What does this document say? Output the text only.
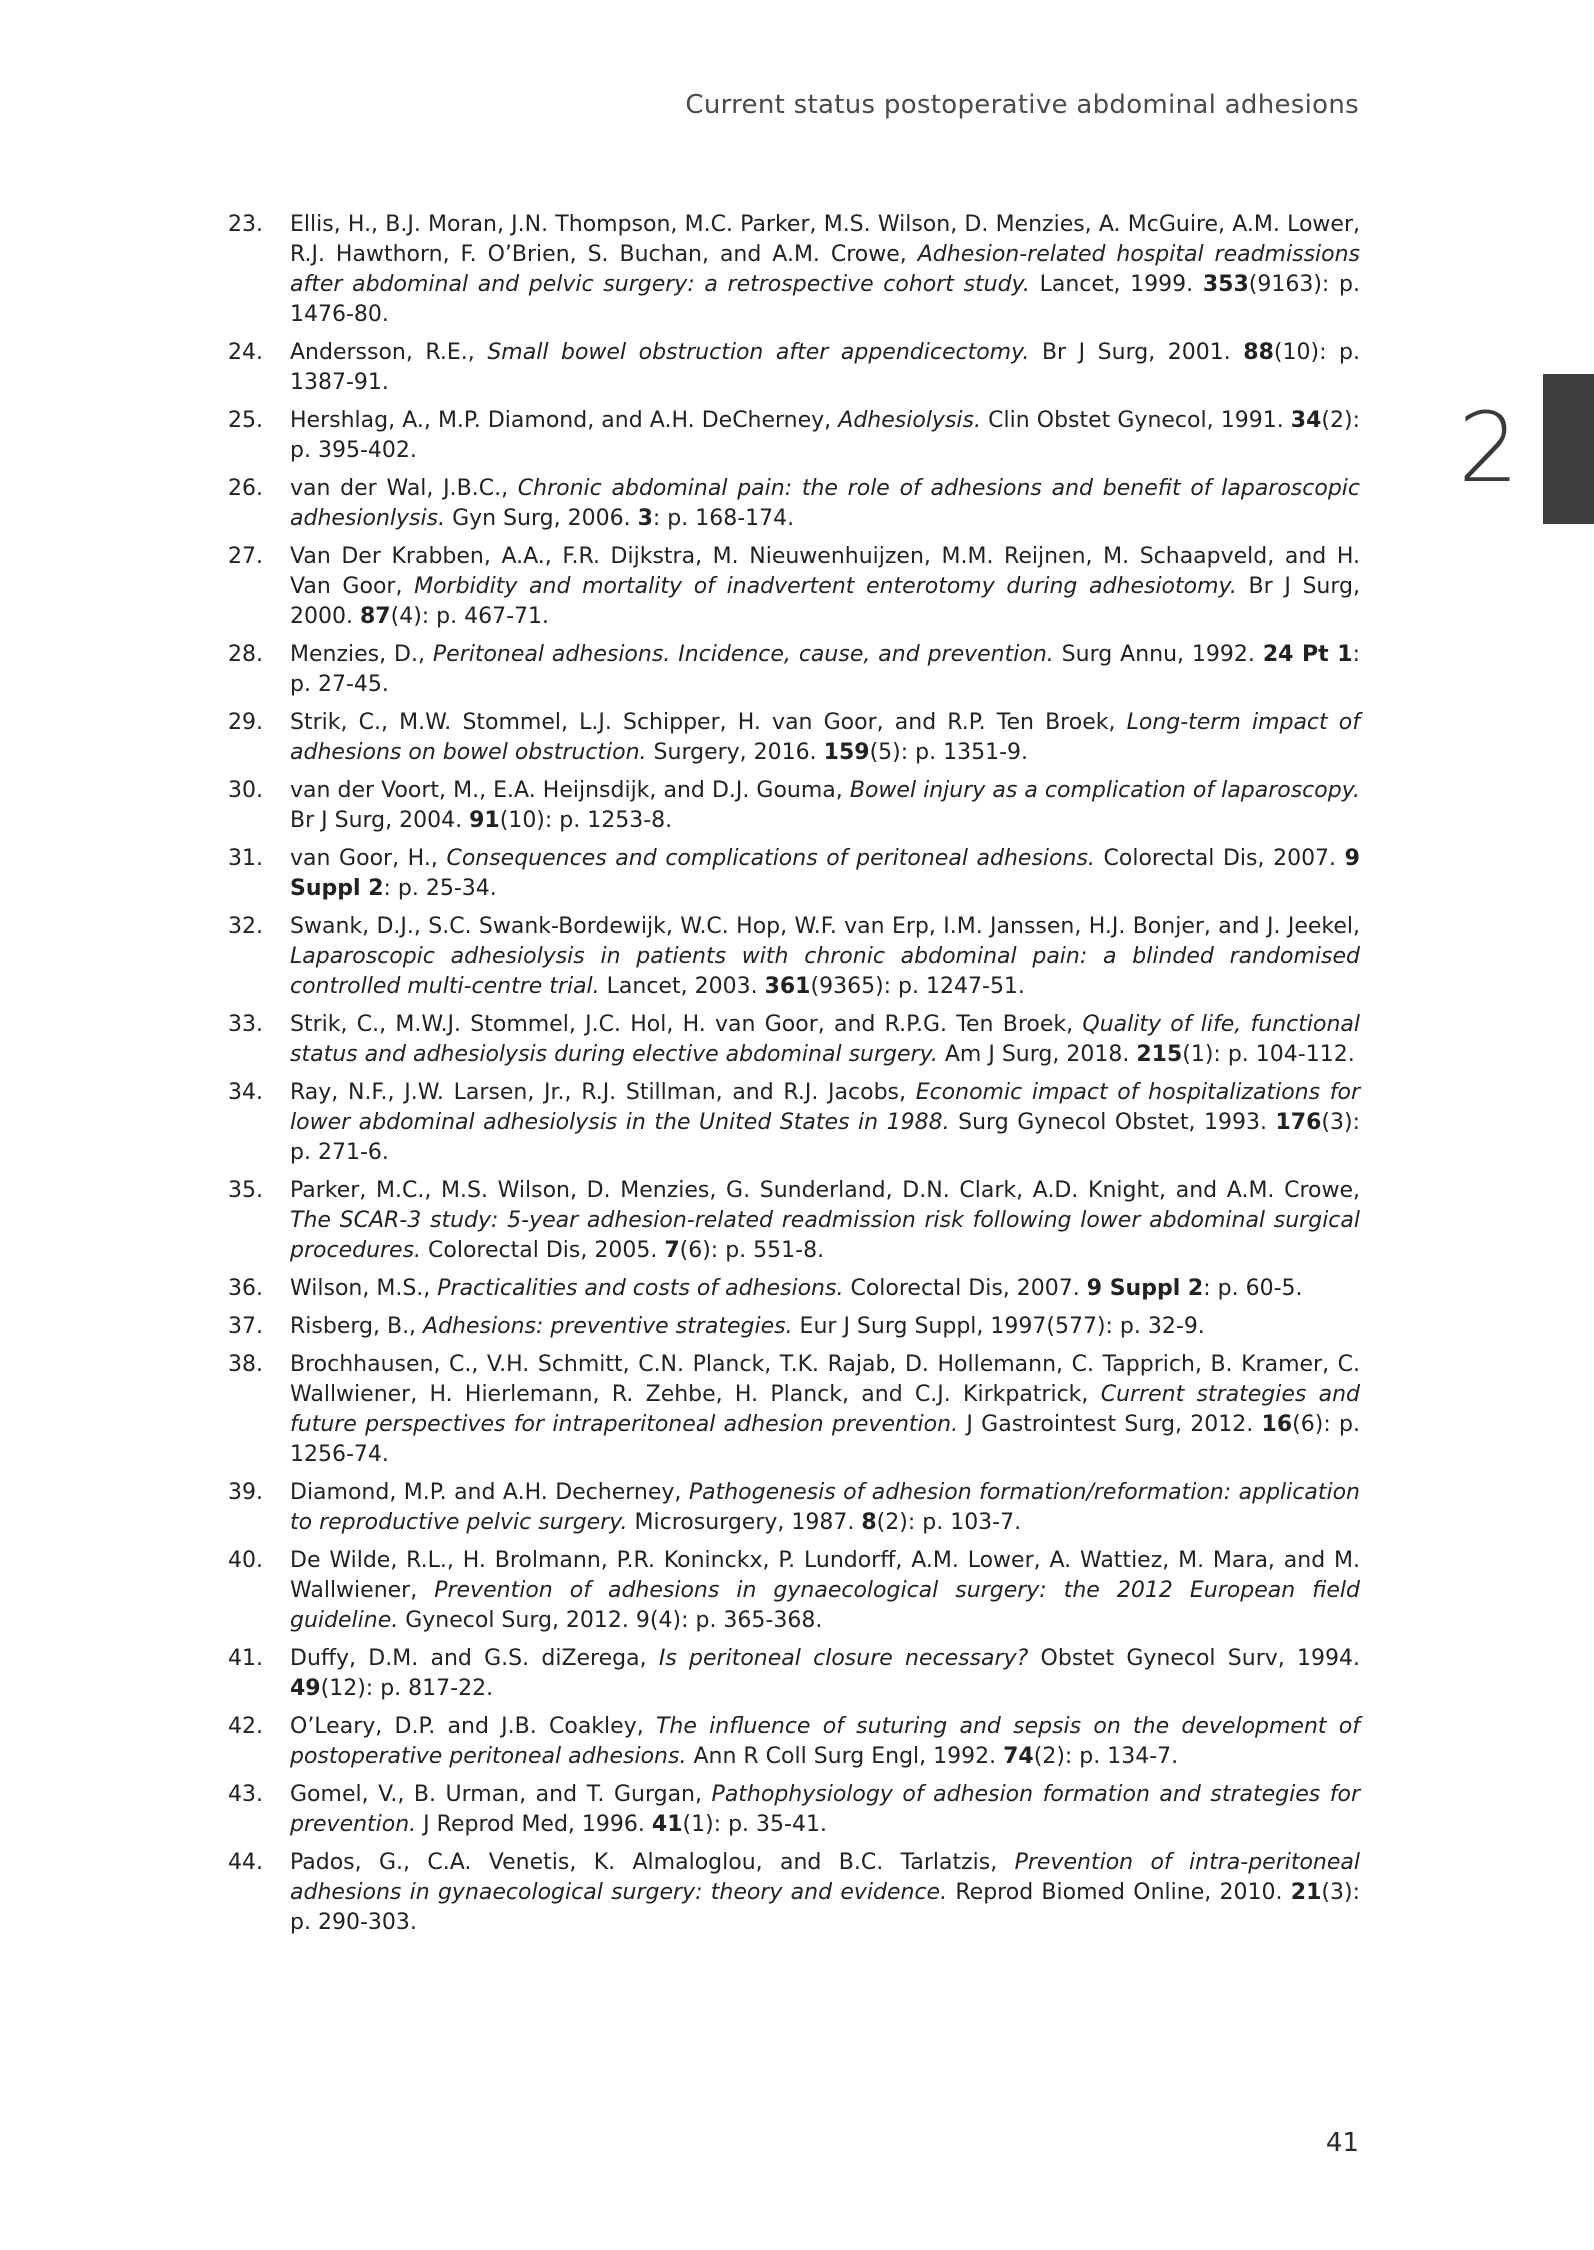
Current status postoperative abdominal adhesions
2
23.	Ellis, H., B.J. Moran, J.N. Thompson, M.C. Parker, M.S. Wilson, D. Menzies, A. McGuire, A.M. Lower, R.J. Hawthorn, F. O’Brien, S. Buchan, and A.M. Crowe, Adhesion-related hospital readmissions after abdominal and pelvic surgery: a retrospective cohort study. Lancet, 1999. 353(9163): p. 1476-80.
24.	Andersson, R.E., Small bowel obstruction after appendicectomy. Br J Surg, 2001. 88(10): p. 1387-91.
25.	Hershlag, A., M.P. Diamond, and A.H. DeCherney, Adhesiolysis. Clin Obstet Gynecol, 1991. 34(2): p. 395-402.
26.	van der Wal, J.B.C., Chronic abdominal pain: the role of adhesions and benefit of laparoscopic adhesionlysis. Gyn Surg, 2006. 3: p. 168-174.
27.	Van Der Krabben, A.A., F.R. Dijkstra, M. Nieuwenhuijzen, M.M. Reijnen, M. Schaapveld, and H. Van Goor, Morbidity and mortality of inadvertent enterotomy during adhesiotomy. Br J Surg, 2000. 87(4): p. 467-71.
28.	Menzies, D., Peritoneal adhesions. Incidence, cause, and prevention. Surg Annu, 1992. 24 Pt 1: p. 27-45.
29.	Strik, C., M.W. Stommel, L.J. Schipper, H. van Goor, and R.P. Ten Broek, Long-term impact of adhesions on bowel obstruction. Surgery, 2016. 159(5): p. 1351-9.
30.	van der Voort, M., E.A. Heijnsdijk, and D.J. Gouma, Bowel injury as a complication of laparoscopy. Br J Surg, 2004. 91(10): p. 1253-8.
31.	van Goor, H., Consequences and complications of peritoneal adhesions. Colorectal Dis, 2007. 9 Suppl 2: p. 25-34.
32.	Swank, D.J., S.C. Swank-Bordewijk, W.C. Hop, W.F. van Erp, I.M. Janssen, H.J. Bonjer, and J. Jeekel, Laparoscopic adhesiolysis in patients with chronic abdominal pain: a blinded randomised controlled multi-centre trial. Lancet, 2003. 361(9365): p. 1247-51.
33.	Strik, C., M.W.J. Stommel, J.C. Hol, H. van Goor, and R.P.G. Ten Broek, Quality of life, functional status and adhesiolysis during elective abdominal surgery. Am J Surg, 2018. 215(1): p. 104-112.
34.	Ray, N.F., J.W. Larsen, Jr., R.J. Stillman, and R.J. Jacobs, Economic impact of hospitalizations for lower abdominal adhesiolysis in the United States in 1988. Surg Gynecol Obstet, 1993. 176(3): p. 271-6.
35.	Parker, M.C., M.S. Wilson, D. Menzies, G. Sunderland, D.N. Clark, A.D. Knight, and A.M. Crowe, The SCAR-3 study: 5-year adhesion-related readmission risk following lower abdominal surgical procedures. Colorectal Dis, 2005. 7(6): p. 551-8.
36.	Wilson, M.S., Practicalities and costs of adhesions. Colorectal Dis, 2007. 9 Suppl 2: p. 60-5.
37.	Risberg, B., Adhesions: preventive strategies. Eur J Surg Suppl, 1997(577): p. 32-9.
38.	Brochhausen, C., V.H. Schmitt, C.N. Planck, T.K. Rajab, D. Hollemann, C. Tapprich, B. Kramer, C. Wallwiener, H. Hierlemann, R. Zehbe, H. Planck, and C.J. Kirkpatrick, Current strategies and future perspectives for intraperitoneal adhesion prevention. J Gastrointest Surg, 2012. 16(6): p. 1256-74.
39.	Diamond, M.P. and A.H. Decherney, Pathogenesis of adhesion formation/reformation: application to reproductive pelvic surgery. Microsurgery, 1987. 8(2): p. 103-7.
40.	De Wilde, R.L., H. Brolmann, P.R. Koninckx, P. Lundorff, A.M. Lower, A. Wattiez, M. Mara, and M. Wallwiener, Prevention of adhesions in gynaecological surgery: the 2012 European field guideline. Gynecol Surg, 2012. 9(4): p. 365-368.
41.	Duffy, D.M. and G.S. diZerega, Is peritoneal closure necessary? Obstet Gynecol Surv, 1994. 49(12): p. 817-22.
42.	O’Leary, D.P. and J.B. Coakley, The influence of suturing and sepsis on the development of postoperative peritoneal adhesions. Ann R Coll Surg Engl, 1992. 74(2): p. 134-7.
43.	Gomel, V., B. Urman, and T. Gurgan, Pathophysiology of adhesion formation and strategies for prevention. J Reprod Med, 1996. 41(1): p. 35-41.
44.	Pados, G., C.A. Venetis, K. Almaloglou, and B.C. Tarlatzis, Prevention of intra-peritoneal adhesions in gynaecological surgery: theory and evidence. Reprod Biomed Online, 2010. 21(3): p. 290-303.
41
